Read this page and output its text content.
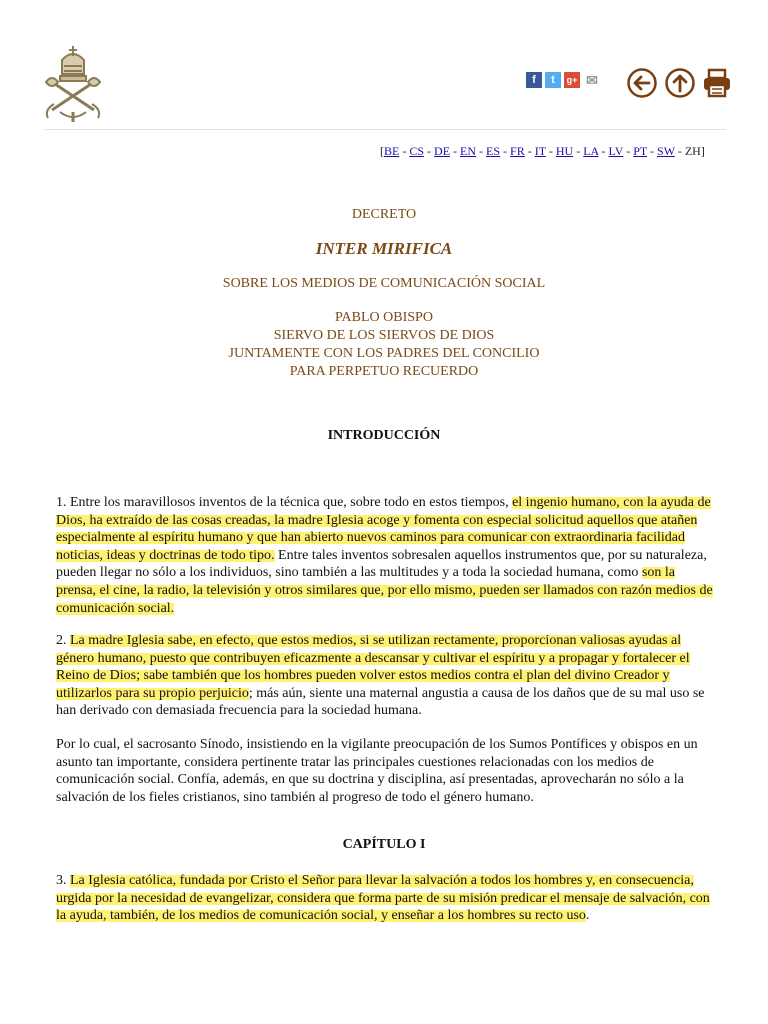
f	t	g+ ✉
[BE - CS - DE - EN - ES - FR - IT - HU - LA - LV - PT - SW - ZH]
DECRETO
INTER MIRIFICA
SOBRE LOS MEDIOS DE COMUNICACIÓN SOCIAL
PABLO OBISPO
SIERVO DE LOS SIERVOS DE DIOS
JUNTAMENTE CON LOS PADRES DEL CONCILIO
PARA PERPETUO RECUERDO
INTRODUCCIÓN

1. Entre los maravillosos inventos de la técnica que, sobre todo en estos tiempos, el ingenio humano, con la ayuda de Dios, ha extraído de las cosas creadas, la madre Iglesia acoge y fomenta con especial solicitud aquellos que atañen especialmente al espíritu humano y que han abierto nuevos caminos para comunicar con extraordinaria facilidad noticias, ideas y doctrinas de todo tipo. Entre tales inventos sobresalen aquellos instrumentos que, por su naturaleza, pueden llegar no sólo a los individuos, sino también a las multitudes y a toda la sociedad humana, como son la prensa, el cine, la radio, la televisión y otros similares que, por ello mismo, pueden ser llamados con razón medios de comunicación social.

2. La madre Iglesia sabe, en efecto, que estos medios, si se utilizan rectamente, proporcionan valiosas ayudas al género humano, puesto que contribuyen eficazmente a descansar y cultivar el espíritu y a propagar y fortalecer el Reino de Dios; sabe también que los hombres pueden volver estos medios contra el plan del divino Creador y utilizarlos para su propio perjuicio; más aún, siente una maternal angustia a causa de los daños que de su mal uso se han derivado con demasiada frecuencia para la sociedad humana.

Por lo cual, el sacrosanto Sínodo, insistiendo en la vigilante preocupación de los Sumos Pontífices y obispos en un asunto tan importante, considera pertinente tratar las principales cuestiones relacionadas con los medios de comunicación social. Confía, además, en que su doctrina y disciplina, así presentadas, aprovecharán no sólo a la salvación de los fieles cristianos, sino también al progreso de todo el género humano.

CAPÍTULO I

3. La Iglesia católica, fundada por Cristo el Señor para llevar la salvación a todos los hombres y, en consecuencia, urgida por la necesidad de evangelizar, considera que forma parte de su misión predicar el mensaje de salvación, con la ayuda, también, de los medios de comunicación social, y enseñar a los hombres su recto uso.
